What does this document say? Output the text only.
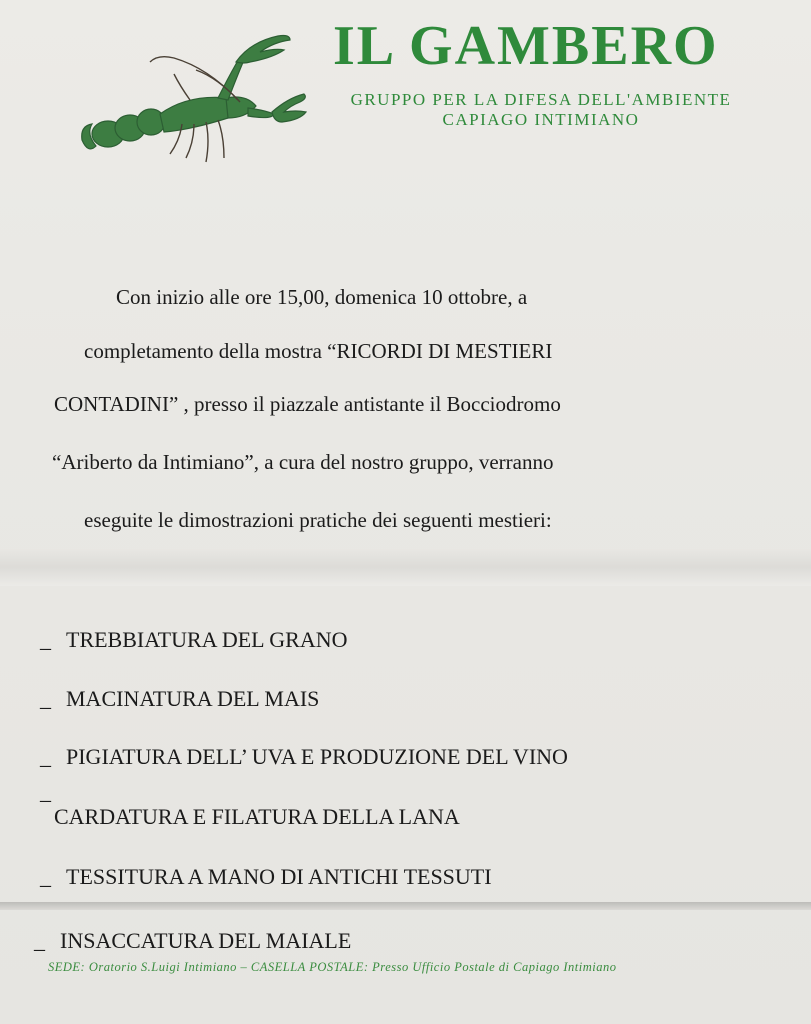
IL GAMBERO
GRUPPO PER LA DIFESA DELL'AMBIENTE
CAPIAGO INTIMIANO
Con inizio alle ore 15,00, domenica 10 ottobre, a
completamento della mostra “RICORDI DI MESTIERI
CONTADINI” , presso il piazzale antistante il Bocciodromo
“Ariberto da Intimiano”, a cura del nostro gruppo, verranno
eseguite le dimostrazioni pratiche dei seguenti mestieri:
_ TREBBIATURA DEL GRANO
_ MACINATURA DEL MAIS
_ PIGIATURA DELL’ UVA E PRODUZIONE DEL VINO
_
CARDATURA E FILATURA DELLA LANA
_ TESSITURA A MANO DI ANTICHI TESSUTI
_ INSACCATURA DEL MAIALE
SEDE: Oratorio S.Luigi Intimiano – CASELLA POSTALE: Presso Ufficio Postale di Capiago Intimiano
